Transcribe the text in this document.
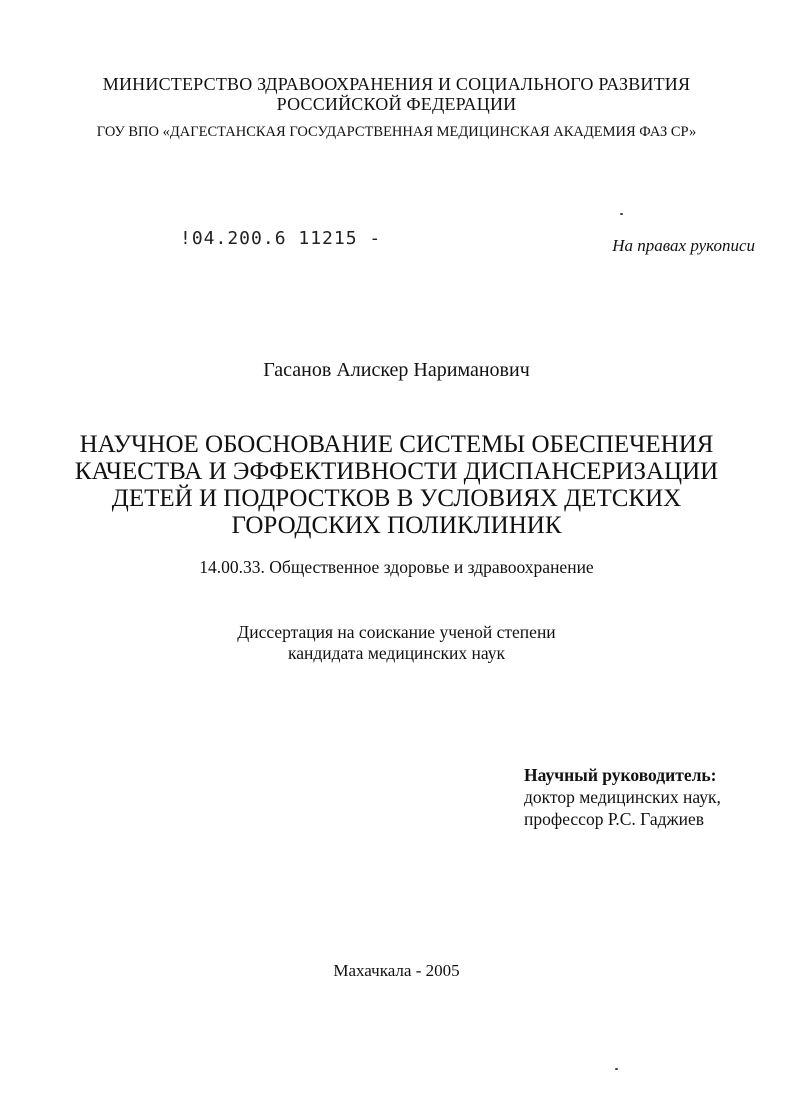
МИНИСТЕРСТВО ЗДРАВООХРАНЕНИЯ И СОЦИАЛЬНОГО РАЗВИТИЯ
РОССИЙСКОЙ ФЕДЕРАЦИИ
ГОУ ВПО «ДАГЕСТАНСКАЯ ГОСУДАРСТВЕННАЯ МЕДИЦИНСКАЯ АКАДЕМИЯ ФАЗ СР»
!04.200.6 11215 -	На правах рукописи
Гасанов Алискер Нариманович
НАУЧНОЕ ОБОСНОВАНИЕ СИСТЕМЫ ОБЕСПЕЧЕНИЯ
КАЧЕСТВА И ЭФФЕКТИВНОСТИ ДИСПАНСЕРИЗАЦИИ
ДЕТЕЙ И ПОДРОСТКОВ В УСЛОВИЯХ ДЕТСКИХ
ГОРОДСКИХ ПОЛИКЛИНИК
14.00.33. Общественное здоровье и здравоохранение
Диссертация на соискание ученой степени
кандидата медицинских наук
Научный руководитель:
доктор медицинских наук,
профессор Р.С. Гаджиев
Махачкала - 2005
